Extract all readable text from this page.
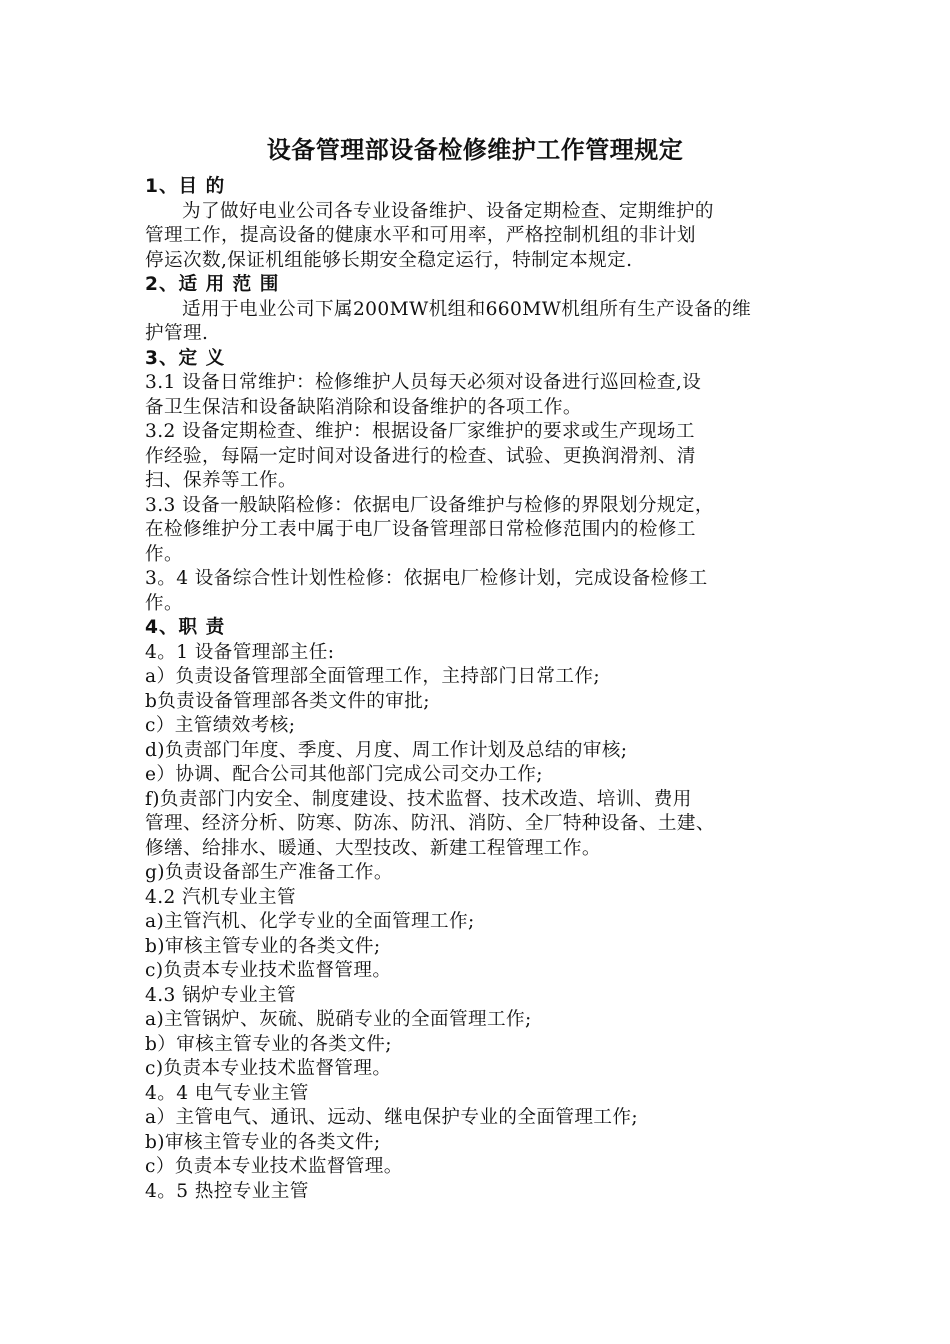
设备管理部设备检修维护工作管理规定
1、目 的
为了做好电业公司各专业设备维护、设备定期检查、定期维护的
管理工作，提高设备的健康水平和可用率，严格控制机组的非计划
停运次数,保证机组能够长期安全稳定运行，特制定本规定.
2、适 用 范 围
适用于电业公司下属200MW机组和660MW机组所有生产设备的维
护管理.
3、定 义
3.1 设备日常维护：检修维护人员每天必须对设备进行巡回检查,设
备卫生保洁和设备缺陷消除和设备维护的各项工作。
3.2 设备定期检查、维护：根据设备厂家维护的要求或生产现场工
作经验，每隔一定时间对设备进行的检查、试验、更换润滑剂、清
扫、保养等工作。
3.3 设备一般缺陷检修：依据电厂设备维护与检修的界限划分规定，
在检修维护分工表中属于电厂设备管理部日常检修范围内的检修工
作。
3。4 设备综合性计划性检修：依据电厂检修计划，完成设备检修工
作。
4、职 责
4。1 设备管理部主任:
a）负责设备管理部全面管理工作，主持部门日常工作;
b负责设备管理部各类文件的审批;
c）主管绩效考核;
d)负责部门年度、季度、月度、周工作计划及总结的审核;
e）协调、配合公司其他部门完成公司交办工作;
f)负责部门内安全、制度建设、技术监督、技术改造、培训、费用
管理、经济分析、防寒、防冻、防汛、消防、全厂特种设备、土建、
修缮、给排水、暖通、大型技改、新建工程管理工作。
g)负责设备部生产准备工作。
4.2 汽机专业主管
a)主管汽机、化学专业的全面管理工作;
b)审核主管专业的各类文件;
c)负责本专业技术监督管理。
4.3 锅炉专业主管
a)主管锅炉、灰硫、脱硝专业的全面管理工作;
b）审核主管专业的各类文件;
c)负责本专业技术监督管理。
4。4 电气专业主管
a）主管电气、通讯、远动、继电保护专业的全面管理工作;
b)审核主管专业的各类文件;
c）负责本专业技术监督管理。
4。5 热控专业主管
